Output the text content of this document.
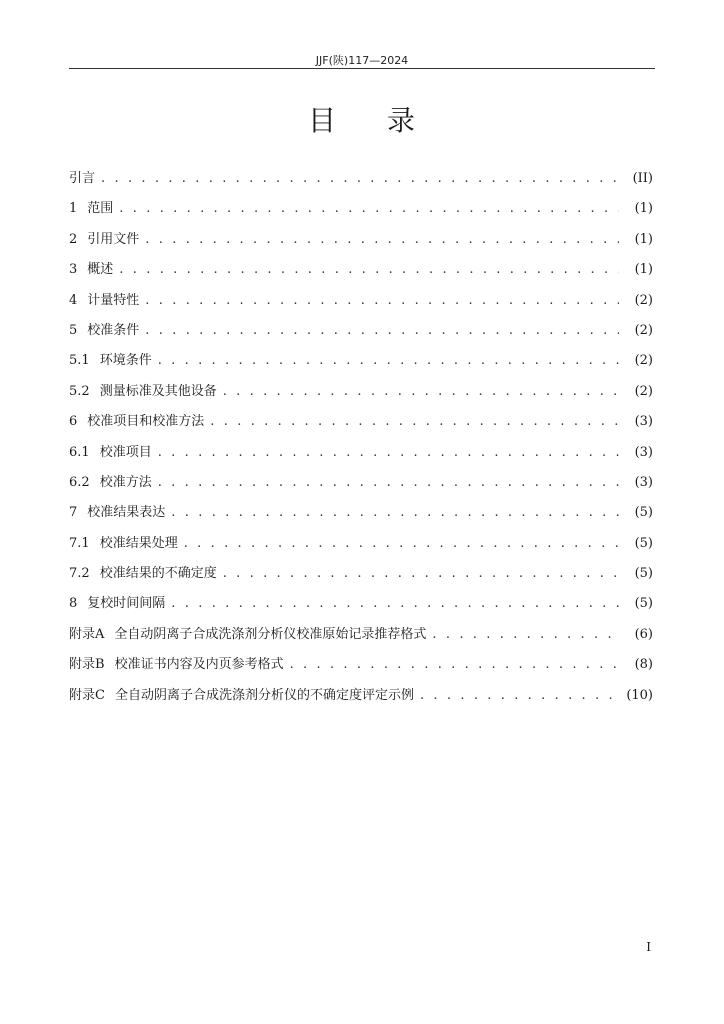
JJF(陕)117—2024
目 录
引言 . . .	(II)
1 范围 . . .	(1)
2 引用文件 . . .	(1)
3 概述 . . .	(1)
4 计量特性 . . .	(2)
5 校准条件 . . .	(2)
5.1 环境条件 . . .	(2)
5.2 测量标准及其他设备 . . .	(2)
6 校准项目和校准方法 . . .	(3)
6.1 校准项目 . . .	(3)
6.2 校准方法 . . .	(3)
7 校准结果表达 . . .	(5)
7.1 校准结果处理 . . .	(5)
7.2 校准结果的不确定度 . . .	(5)
8 复校时间间隔 . . .	(5)
附录A 全自动阴离子合成洗涤剂分析仪校准原始记录推荐格式 . . .	(6)
附录B 校准证书内容及内页参考格式 . . .	(8)
附录C 全自动阴离子合成洗涤剂分析仪的不确定度评定示例 . . .	(10)
I
